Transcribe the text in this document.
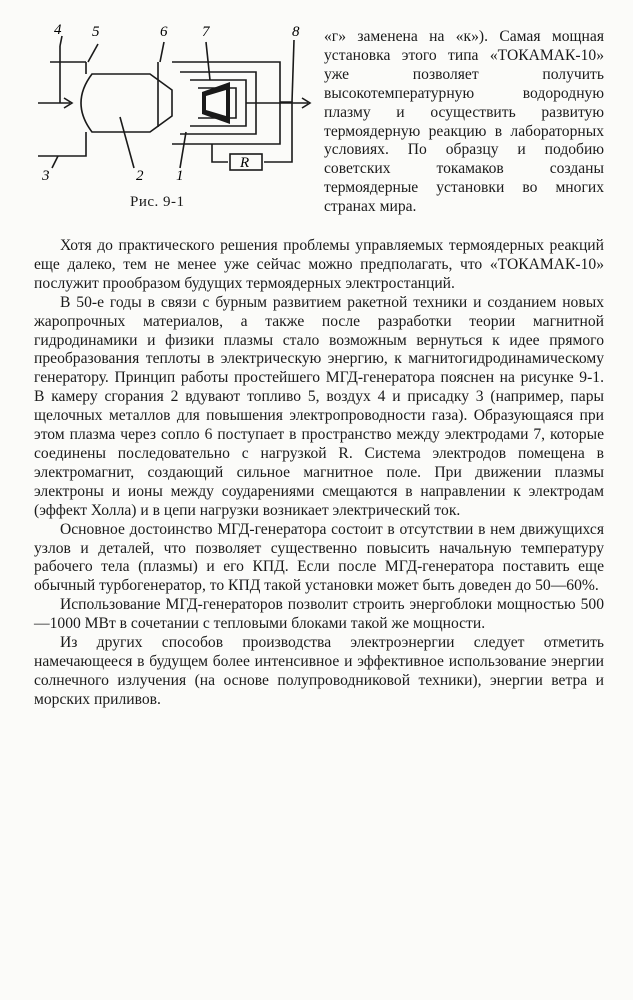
4 5	6 7	8
3	2 1
R
Рис. 9-1

«г» заменена на «к»). Самая мощная установка этого типа «ТОКАМАК-10» уже позволяет получить высокотемпературную водородную плазму и осуществить развитую термоядерную реакцию в лабораторных условиях. По образцу и подобию советских токамаков созданы термоядерные установки во многих странах мира.

Хотя до практического решения проблемы управляемых термоядерных реакций еще далеко, тем не менее уже сейчас можно предполагать, что «ТОКАМАК-10» послужит прообразом будущих термоядерных электростанций.

В 50-е годы в связи с бурным развитием ракетной техники и созданием новых жаропрочных материалов, а также после разработки теории магнитной гидродинамики и физики плазмы стало возможным вернуться к идее прямого преобразования теплоты в электрическую энергию, к магнитогидродинамическому генератору. Принцип работы простейшего МГД-генератора пояснен на рисунке 9-1. В камеру сгорания 2 вдувают топливо 5, воздух 4 и присадку 3 (например, пары щелочных металлов для повышения электропроводности газа). Образующаяся при этом плазма через сопло 6 поступает в пространство между электродами 7, которые соединены последовательно с нагрузкой R. Система электродов помещена в электромагнит, создающий сильное магнитное поле. При движении плазмы электроны и ионы между соударениями смещаются в направлении к электродам (эффект Холла) и в цепи нагрузки возникает электрический ток.

Основное достоинство МГД-генератора состоит в отсутствии в нем движущихся узлов и деталей, что позволяет существенно повысить начальную температуру рабочего тела (плазмы) и его КПД. Если после МГД-генератора поставить еще обычный турбогенератор, то КПД такой установки может быть доведен до 50—60%.

Использование МГД-генераторов позволит строить энергоблоки мощностью 500—1000 МВт в сочетании с тепловыми блоками такой же мощности.

Из других способов производства электроэнергии следует отметить намечающееся в будущем более интенсивное и эффективное использование энергии солнечного излучения (на основе полупроводниковой техники), энергии ветра и морских приливов.
